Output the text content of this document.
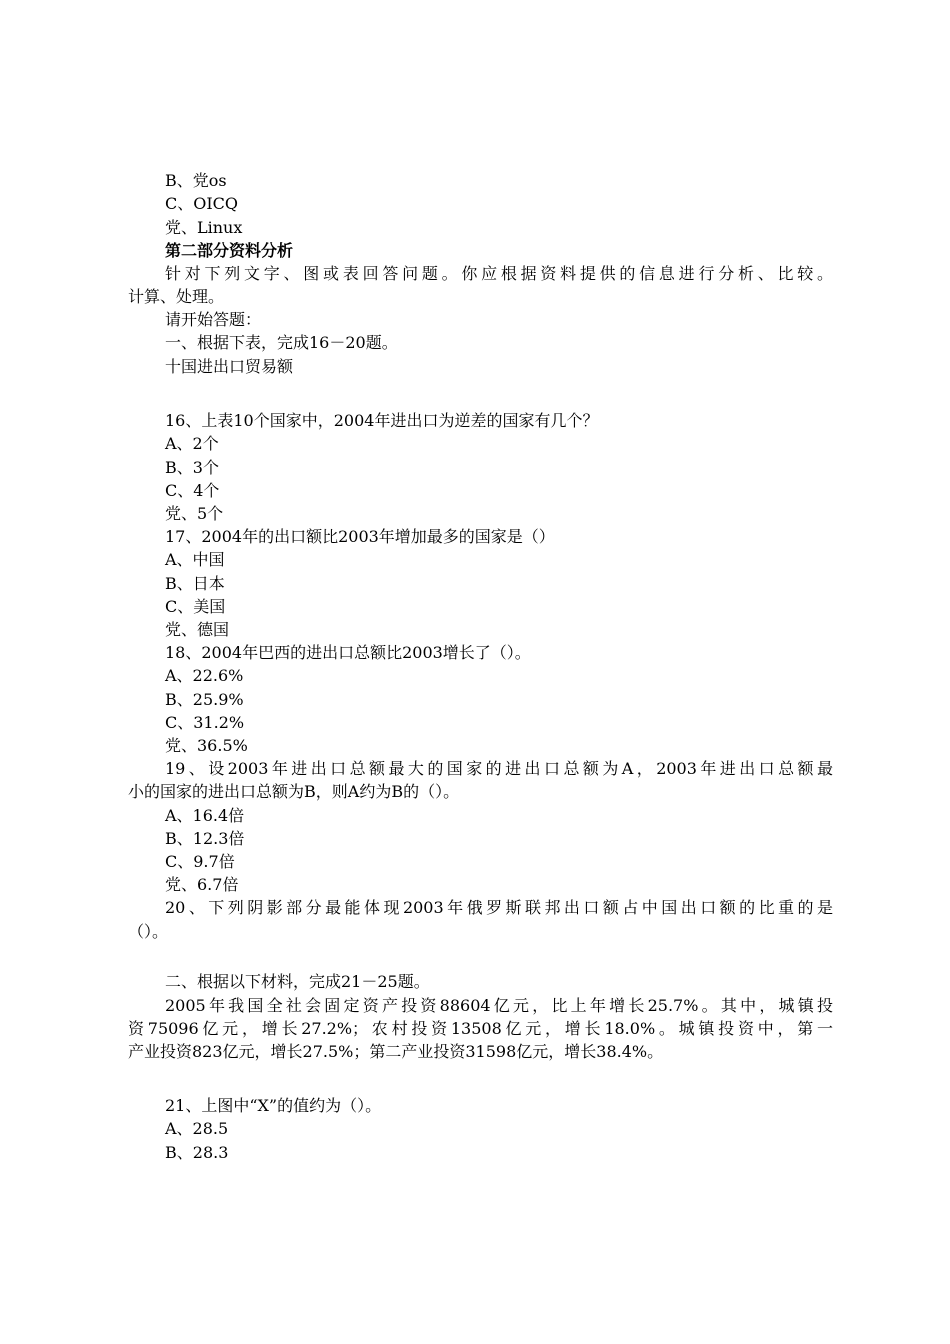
B、党os
C、OICQ
党、Linux
第二部分资料分析
针对下列文字、图或表回答问题。你应根据资料提供的信息进行分析、比较。
计算、处理。
请开始答题：
一、根据下表，完成16－20题。
十国进出口贸易额
16、上表10个国家中，2004年进出口为逆差的国家有几个？
A、2个
B、3个
C、4个
党、5个
17、2004年的出口额比2003年增加最多的国家是（）
A、中国
B、日本
C、美国
党、德国
18、2004年巴西的进出口总额比2003增长了（）。
A、22.6%
B、25.9%
C、31.2%
党、36.5%
19、设2003年进出口总额最大的国家的进出口总额为A，2003年进出口总额最
小的国家的进出口总额为B，则A约为B的（）。
A、16.4倍
B、12.3倍
C、9.7倍
党、6.7倍
20、下列阴影部分最能体现2003年俄罗斯联邦出口额占中国出口额的比重的是
（）。
二、根据以下材料，完成21－25题。
2005年我国全社会固定资产投资88604亿元，比上年增长25.7%。其中，城镇投
资75096亿元，增长27.2%；农村投资13508亿元，增长18.0%。城镇投资中，第一
产业投资823亿元，增长27.5%；第二产业投资31598亿元，增长38.4%。
21、上图中“X”的值约为（）。
A、28.5
B、28.3
